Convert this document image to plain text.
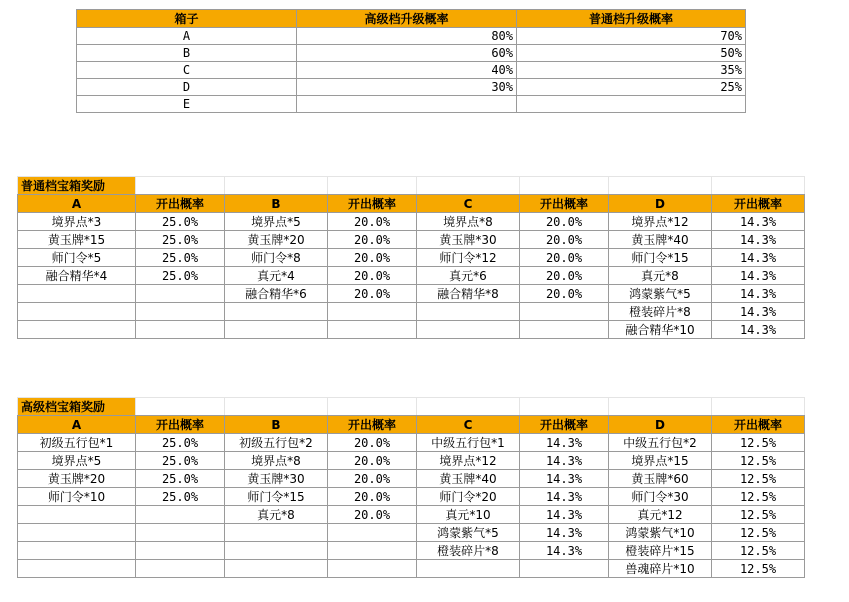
箱子	高级档升级概率	普通档升级概率
A	80%	70%
B	60%	50%
C	40%	35%
D	30%	25%
E		
普通档宝箱奖励							
A	开出概率	B	开出概率	C	开出概率	D	开出概率
境界点*3	25.0%	境界点*5	20.0%	境界点*8	20.0%	境界点*12	14.3%
黄玉牌*15	25.0%	黄玉牌*20	20.0%	黄玉牌*30	20.0%	黄玉牌*40	14.3%
师门令*5	25.0%	师门令*8	20.0%	师门令*12	20.0%	师门令*15	14.3%
融合精华*4	25.0%	真元*4	20.0%	真元*6	20.0%	真元*8	14.3%
		融合精华*6	20.0%	融合精华*8	20.0%	鸿蒙紫气*5	14.3%
						橙装碎片*8	14.3%
						融合精华*10	14.3%
高级档宝箱奖励							
A	开出概率	B	开出概率	C	开出概率	D	开出概率
初级五行包*1	25.0%	初级五行包*2	20.0%	中级五行包*1	14.3%	中级五行包*2	12.5%
境界点*5	25.0%	境界点*8	20.0%	境界点*12	14.3%	境界点*15	12.5%
黄玉牌*20	25.0%	黄玉牌*30	20.0%	黄玉牌*40	14.3%	黄玉牌*60	12.5%
师门令*10	25.0%	师门令*15	20.0%	师门令*20	14.3%	师门令*30	12.5%
		真元*8	20.0%	真元*10	14.3%	真元*12	12.5%
				鸿蒙紫气*5	14.3%	鸿蒙紫气*10	12.5%
				橙装碎片*8	14.3%	橙装碎片*15	12.5%
						兽魂碎片*10	12.5%
